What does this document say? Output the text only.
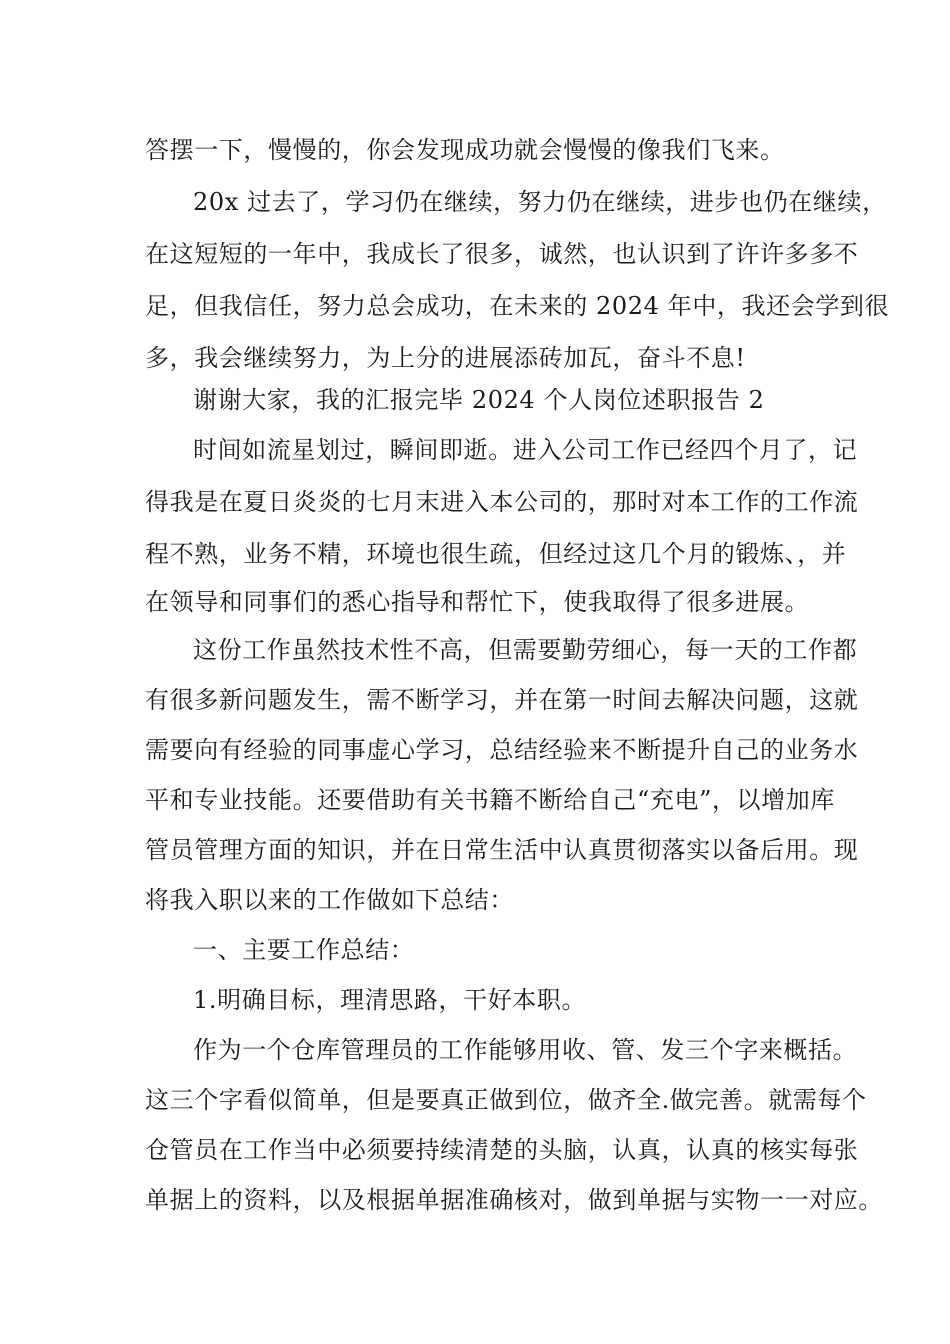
答摆一下，慢慢的，你会发现成功就会慢慢的像我们飞来。
20x 过去了，学习仍在继续，努力仍在继续，进步也仍在继续，
在这短短的一年中，我成长了很多，诚然，也认识到了许许多多不
足，但我信任，努力总会成功，在未来的 2024 年中，我还会学到很
多，我会继续努力，为上分的进展添砖加瓦，奋斗不息!
谢谢大家，我的汇报完毕 2024 个人岗位述职报告 2
时间如流星划过，瞬间即逝。进入公司工作已经四个月了，记
得我是在夏日炎炎的七月末进入本公司的，那时对本工作的工作流
程不熟，业务不精，环境也很生疏，但经过这几个月的锻炼、，并
在领导和同事们的悉心指导和帮忙下，使我取得了很多进展。
这份工作虽然技术性不高，但需要勤劳细心，每一天的工作都
有很多新问题发生，需不断学习，并在第一时间去解决问题，这就
需要向有经验的同事虚心学习，总结经验来不断提升自己的业务水
平和专业技能。还要借助有关书籍不断给自己“充电”，以增加库
管员管理方面的知识，并在日常生活中认真贯彻落实以备后用。现
将我入职以来的工作做如下总结：
一、主要工作总结：
1.明确目标，理清思路，干好本职。
作为一个仓库管理员的工作能够用收、管、发三个字来概括。
这三个字看似简单，但是要真正做到位，做齐全.做完善。就需每个
仓管员在工作当中必须要持续清楚的头脑，认真，认真的核实每张
单据上的资料，以及根据单据准确核对，做到单据与实物一一对应。
